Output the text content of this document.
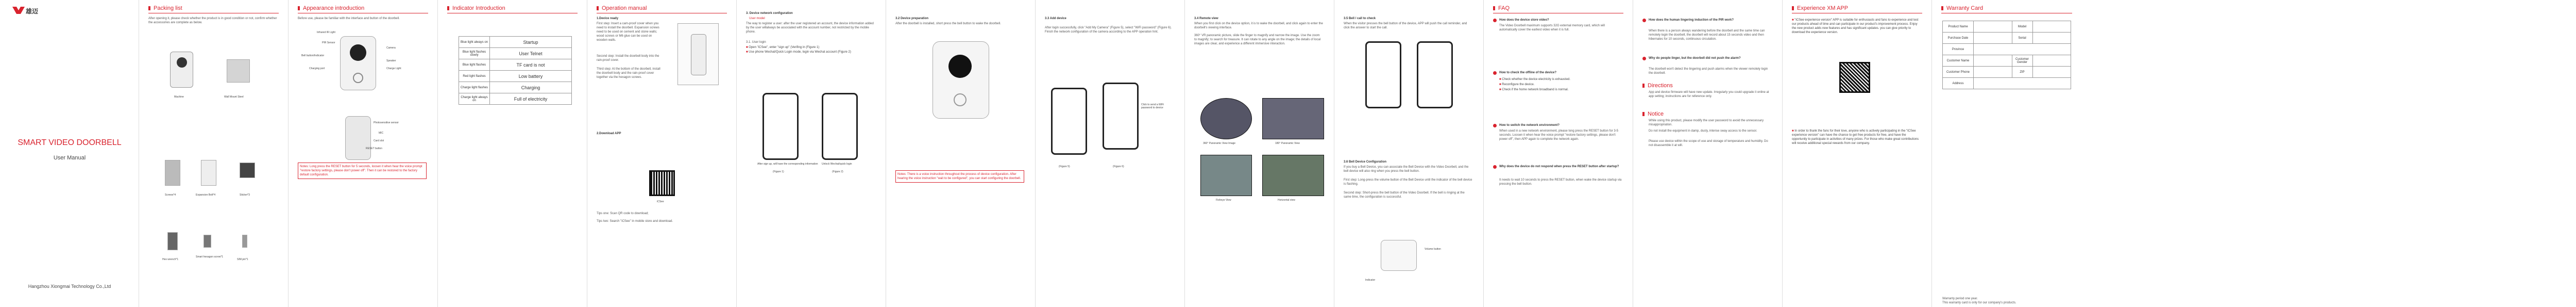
雄迈
SMART VIDEO DOORBELL
User Manual
Hangzhou Xiongmai Technology Co.,Ltd
Packing list
After opening it, please check whether the product is in good condition or not, confirm whether the accessories are complete as below.
Machine	Wall Mount Steel
Screws*4	Expansion Bolt*4	Sticker*3
Hex wrench*1
Smart hexagon screw*1
SIM pin*1
Appearance introduction
Before use, please be familiar with the interface and button of the doorbell.
Infrared IR Light
PIR Sensor
Bell button/Indicator
Charging port
Camera
Speaker
Charge Light
Photosensitive sensor
MIC
Card slot
RESET button
Notes: Long press the RESET button for 5 seconds, loosen it when hear the voice prompt "restore factory settings, please don't power off". Then it can be restored to the factory default configuration.
Indicator Introduction
Blue light always on	Startup
Blue light flashes slowly	User Telnet
Blue light flashes	TF card is not
Red light flashes	Low battery
Charge light flashes	Charging
Charge light always on	Full of electricity
Operation manual
1.Device ready
First step: Insert a cam-proof cover when you need to install the doorbell. Expansion screws need to be used on cement and stone walls; wood screws or M6 glue can be used on wooden walls.
Second step: Install the doorbell body into the rain-proof cover.
Third step: At the bottom of the doorbell, install the doorbell body and the rain-proof cover together via the hexagon screws.
2.Download APP
iCSee
Tips one: Scan QR code to download;
Tips two: Search "iCSee" in mobile store and download.
3. Device network configuration
User model
The way to register a user: after the user registered an account, the device information added by the user willalways be associated with the account number, not restricted by the mobile phone.
3.1. User login
■ Open "iCSee", enter "sign up" (Verifing in (Figure 1)
■ Use phone Wechat/Quick Login mode, login via Wechat account (Figure 2)
After sign up, will have the corresponding information
(Figure 1)
Unlock Wechat/quick login
(Figure 2)
3.2 Device preparation
After the doorbell is installed, short press the bell button to wake the doorbell.
Notes: There is a voice instruction throughout the process of device configuration. After hearing the voice instruction "wait to be configured", you can start configuring the doorbell.
3.3 Add device
After login successfully, click "Add My Camera" (Figure 5), select "WiFi password" (Figure 6). Finish the network configuration of the camera according to the APP operation hint.
(Figure 5)
Click to send a WiFi password to device
(Figure 6)
3.4 Remote view
When you first click on the device option, it is to wake the doorbell, and click again to enter the doorbell's viewing interface.
360° VR panoramic picture, slide the finger to magnify and narrow the image. Use the zoom to magnify; to search for treasure. It can rotate to any angle on the image; the details of local images are clear, and experience a different immersive interaction.
360° Panoramic View Image	180° Panoramic View
Fisheye View	Horizontal view
3.5 Bell / call to check
When the visitor presses the bell button of the device, APP will push the call reminder, and click the answer to start the call.
3.6 Bell Device Configuration
If you buy a Bell Device, you can associate the Bell Device with the Video Doorbell, and the bell device will also ring when you press the bell button.
First step: Long-press the volume button of the Bell Device until the indicator of the bell device is flashing.
Second step: Short-press the bell button of the Video Doorbell. If the bell is ringing at the same time, the configuration is successful.
Volume button
Indicator
FAQ
How does the device store video?
The Video Doorbell maximum supports 32G external memory card, which will automatically cover the earliest video when it is full.
How to check the offline of the device?
■ Check whether the device electricity is exhausted.
■ Reconfigure the device.
■ Check if the home network broadband is normal.
How to switch the network environment?
When used in a new network environment, please long press the RESET button for 3-5 seconds. Loosen it when hear the voice prompt "restore factory settings, please don't power off", then APP again to complete the network again.
Why does the device do not respond when press the RESET button after startup?
It needs to wait 10 seconds to press the RESET button, when wake the device startup via pressing the bell button.
How does the human lingering induction of the PIR work?
When there is a person always wandering before the doorbell and the same time can remotely login the doorbell, the doorbell will record about 15 seconds video and then hibernates for 10 seconds, continuous circulation.
Why do people linger, but the doorbell did not push the alarm?
The doorbell won't detect the lingering and push alarms when the viewer remotely login the doorbell.
Directions
App and device firmware will have new update. Irregularly you could upgrade it online at app setting; instructions are for reference only.
Notice
While using this product, please modify the user password to avoid the unnecessary misappropriation.
Do not install the equipment in damp, dusty, intense sway access to the sensor.
Please use device within the scope of use and storage of temperature and humidity. Do not disassemble it at will.
Experience XM APP
■ "iCSee experience version" APP is suitable for enthusiasts and fans to experience and test our products ahead of time and can participate in our product's improvement process. Enjoy the new product adds new features and has significant updates. you can give priority to download the experience version.
■ In order to thank the fans for their love, anyone who is actively participating in the "iCSee experience version" can have the chance to get free products for free, and have the opportunity to participate in activities of many prizes. For those who make great contributions will receive additional special rewards from our company.
Warranty Card
Product Name		Model	
Purchase Date		Serial	
Province			
Customer Name		Customer Gender	
Customer Phone		ZIP	
Address			
Warranty period one year.
This warranty card is only for our company's products.
